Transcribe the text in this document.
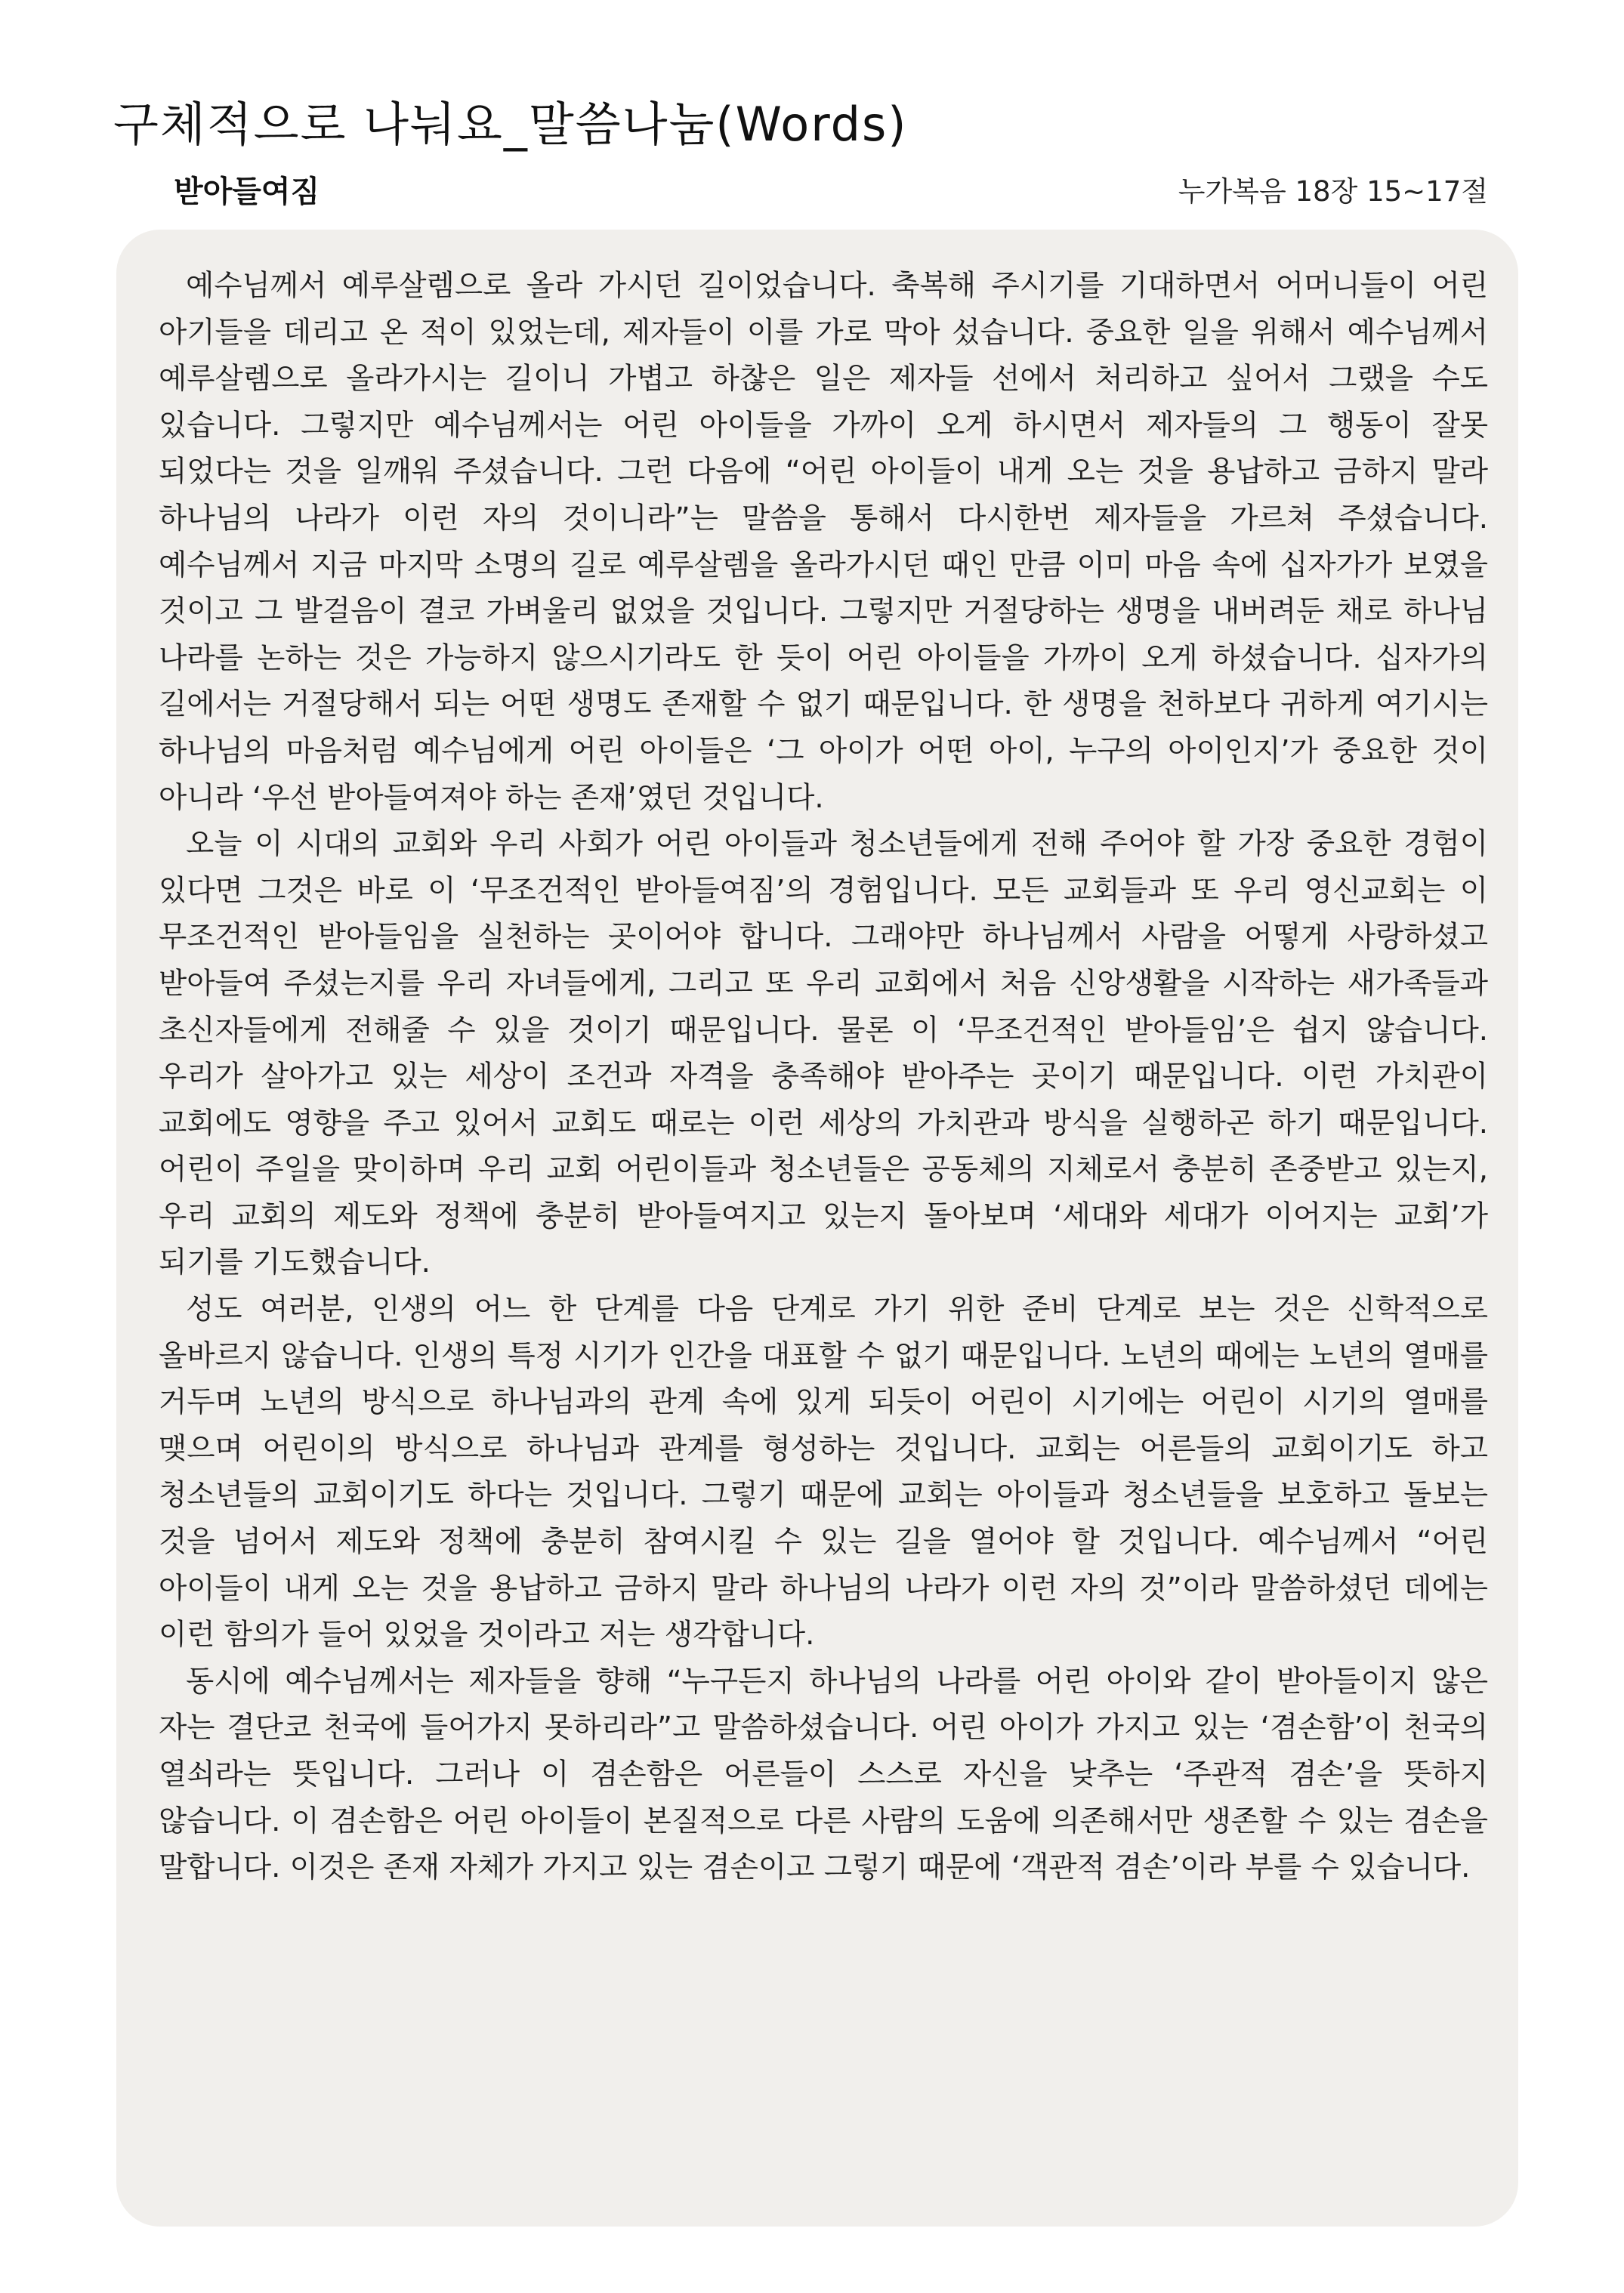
구체적으로 나눠요_말씀나눔(Words)
받아들여짐	누가복음 18장 15~17절

예수님께서 예루살렘으로 올라 가시던 길이었습니다. 축복해 주시기를 기대하면서 어머니들이 어린 아기들을 데리고 온 적이 있었는데, 제자들이 이를 가로 막아 섰습니다. 중요한 일을 위해서 예수님께서 예루살렘으로 올라가시는 길이니 가볍고 하찮은 일은 제자들 선에서 처리하고 싶어서 그랬을 수도 있습니다. 그렇지만 예수님께서는 어린 아이들을 가까이 오게 하시면서 제자들의 그 행동이 잘못 되었다는 것을 일깨워 주셨습니다. 그런 다음에 “어린 아이들이 내게 오는 것을 용납하고 금하지 말라 하나님의 나라가 이런 자의 것이니라”는 말씀을 통해서 다시한번 제자들을 가르쳐 주셨습니다. 예수님께서 지금 마지막 소명의 길로 예루살렘을 올라가시던 때인 만큼 이미 마음 속에 십자가가 보였을 것이고 그 발걸음이 결코 가벼울리 없었을 것입니다. 그렇지만 거절당하는 생명을 내버려둔 채로 하나님 나라를 논하는 것은 가능하지 않으시기라도 한 듯이 어린 아이들을 가까이 오게 하셨습니다. 십자가의 길에서는 거절당해서 되는 어떤 생명도 존재할 수 없기 때문입니다. 한 생명을 천하보다 귀하게 여기시는 하나님의 마음처럼 예수님에게 어린 아이들은 ‘그 아이가 어떤 아이, 누구의 아이인지’가 중요한 것이 아니라 ‘우선 받아들여져야 하는 존재’였던 것입니다.

오늘 이 시대의 교회와 우리 사회가 어린 아이들과 청소년들에게 전해 주어야 할 가장 중요한 경험이 있다면 그것은 바로 이 ‘무조건적인 받아들여짐’의 경험입니다. 모든 교회들과 또 우리 영신교회는 이 무조건적인 받아들임을 실천하는 곳이어야 합니다. 그래야만 하나님께서 사람을 어떻게 사랑하셨고 받아들여 주셨는지를 우리 자녀들에게, 그리고 또 우리 교회에서 처음 신앙생활을 시작하는 새가족들과 초신자들에게 전해줄 수 있을 것이기 때문입니다. 물론 이 ‘무조건적인 받아들임’은 쉽지 않습니다. 우리가 살아가고 있는 세상이 조건과 자격을 충족해야 받아주는 곳이기 때문입니다. 이런 가치관이 교회에도 영향을 주고 있어서 교회도 때로는 이런 세상의 가치관과 방식을 실행하곤 하기 때문입니다. 어린이 주일을 맞이하며 우리 교회 어린이들과 청소년들은 공동체의 지체로서 충분히 존중받고 있는지, 우리 교회의 제도와 정책에 충분히 받아들여지고 있는지 돌아보며 ‘세대와 세대가 이어지는 교회’가 되기를 기도했습니다.

성도 여러분, 인생의 어느 한 단계를 다음 단계로 가기 위한 준비 단계로 보는 것은 신학적으로 올바르지 않습니다. 인생의 특정 시기가 인간을 대표할 수 없기 때문입니다. 노년의 때에는 노년의 열매를 거두며 노년의 방식으로 하나님과의 관계 속에 있게 되듯이 어린이 시기에는 어린이 시기의 열매를 맺으며 어린이의 방식으로 하나님과 관계를 형성하는 것입니다. 교회는 어른들의 교회이기도 하고 청소년들의 교회이기도 하다는 것입니다. 그렇기 때문에 교회는 아이들과 청소년들을 보호하고 돌보는 것을 넘어서 제도와 정책에 충분히 참여시킬 수 있는 길을 열어야 할 것입니다. 예수님께서 “어린 아이들이 내게 오는 것을 용납하고 금하지 말라 하나님의 나라가 이런 자의 것”이라 말씀하셨던 데에는 이런 함의가 들어 있었을 것이라고 저는 생각합니다.

동시에 예수님께서는 제자들을 향해 “누구든지 하나님의 나라를 어린 아이와 같이 받아들이지 않은 자는 결단코 천국에 들어가지 못하리라”고 말씀하셨습니다. 어린 아이가 가지고 있는 ‘겸손함’이 천국의 열쇠라는 뜻입니다. 그러나 이 겸손함은 어른들이 스스로 자신을 낮추는 ‘주관적 겸손’을 뜻하지 않습니다. 이 겸손함은 어린 아이들이 본질적으로 다른 사람의 도움에 의존해서만 생존할 수 있는 겸손을 말합니다. 이것은 존재 자체가 가지고 있는 겸손이고 그렇기 때문에 ‘객관적 겸손’이라 부를 수 있습니다.
